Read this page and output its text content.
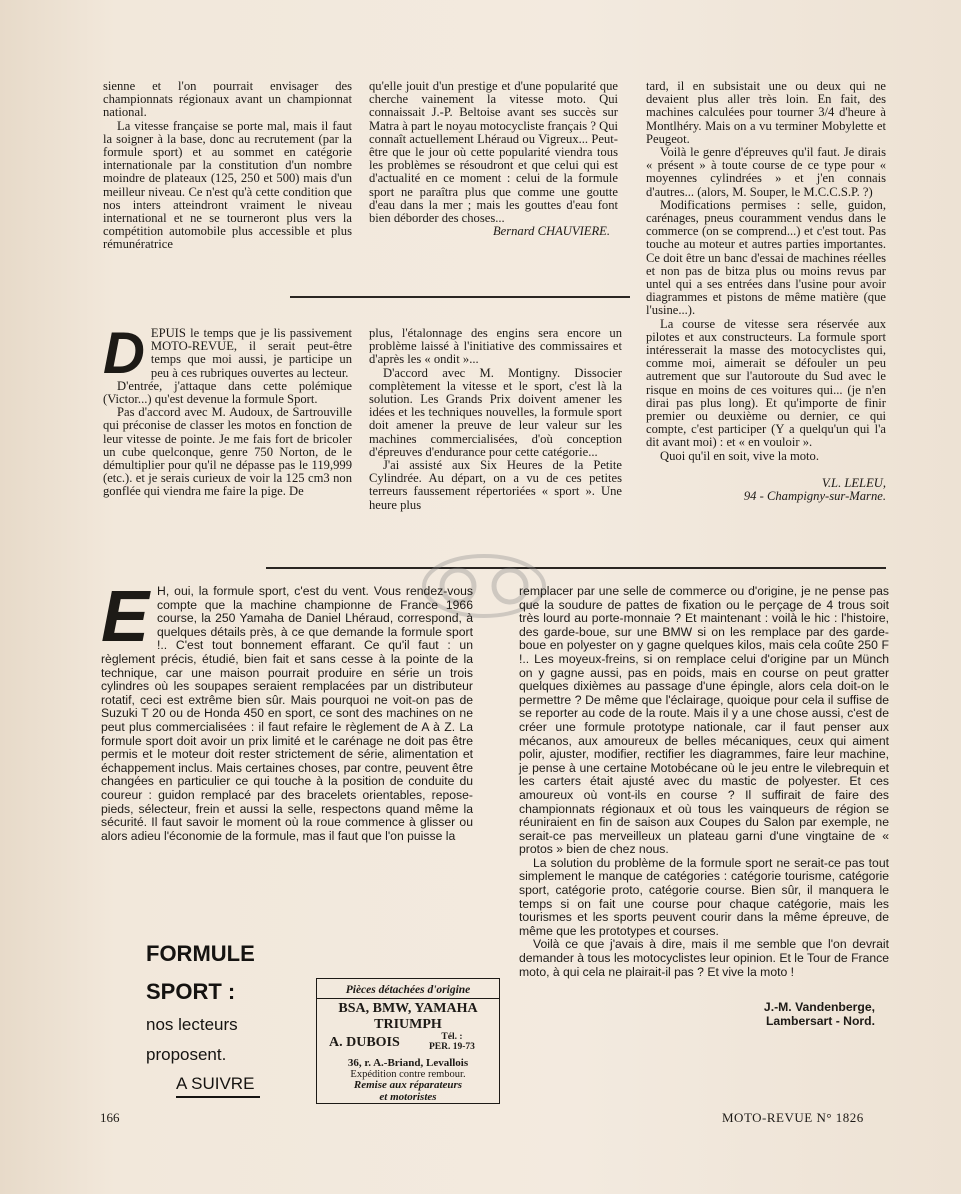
sienne et l'on pourrait envisager des championnats régionaux avant un championnat national.

La vitesse française se porte mal, mais il faut la soigner à la base, donc au recrutement (par la formule sport) et au sommet en catégorie internationale par la constitution d'un nombre moindre de plateaux (125, 250 et 500) mais d'un meilleur niveau. Ce n'est qu'à cette condition que nos inters atteindront vraiment le niveau international et ne se tourneront plus vers la compétition automobile plus accessible et plus rémunératrice

qu'elle jouit d'un prestige et d'une popularité que cherche vainement la vitesse moto. Qui connaissait J.-P. Beltoise avant ses succès sur Matra à part le noyau motocycliste français ? Qui connaît actuellement Lhéraud ou Vigreux... Peut-être que le jour où cette popularité viendra tous les problèmes se résoudront et que celui qui est d'actualité en ce moment : celui de la formule sport ne paraîtra plus que comme une goutte d'eau dans la mer ; mais les gouttes d'eau font bien déborder des choses...

Bernard CHAUVIERE.

tard, il en subsistait une ou deux qui ne devaient plus aller très loin. En fait, des machines calculées pour tourner 3/4 d'heure à Montlhéry. Mais on a vu terminer Mobylette et Peugeot.

Voilà le genre d'épreuves qu'il faut. Je dirais « présent » à toute course de ce type pour « moyennes cylindrées » et j'en connais d'autres... (alors, M. Souper, le M.C.C.S.P. ?)

Modifications permises : selle, guidon, carénages, pneus couramment vendus dans le commerce (on se comprend...) et c'est tout. Pas touche au moteur et autres parties importantes. Ce doit être un banc d'essai de machines réelles et non pas de bitza plus ou moins revus par untel qui a ses entrées dans l'usine pour avoir diagrammes et pistons de même matière (que l'usine...).

La course de vitesse sera réservée aux pilotes et aux constructeurs. La formule sport intéresserait la masse des motocyclistes qui, comme moi, aimerait se défouler un peu autrement que sur l'autoroute du Sud avec le risque en moins de ces voitures qui... (je n'en dirai pas plus long). Et qu'importe de finir premier ou deuxième ou dernier, ce qui compte, c'est participer (Y a quelqu'un qui l'a dit avant moi) : et « en vouloir ».

Quoi qu'il en soit, vive la moto.

V.L. LELEU,

94 - Champigny-sur-Marne.

DEPUIS le temps que je lis passivement MOTO-REVUE, il serait peut-être temps que moi aussi, je participe un peu à ces rubriques ouvertes au lecteur.

D'entrée, j'attaque dans cette polémique (Victor...) qu'est devenue la formule Sport.

Pas d'accord avec M. Audoux, de Sartrouville qui préconise de classer les motos en fonction de leur vitesse de pointe. Je me fais fort de bricoler un cube quelconque, genre 750 Norton, de le démultiplier pour qu'il ne dépasse pas le 119,999 (etc.). et je serais curieux de voir la 125 cm3 non gonflée qui viendra me faire la pige. De

plus, l'étalonnage des engins sera encore un problème laissé à l'initiative des commissaires et d'après les « ondit »...

D'accord avec M. Montigny. Dissocier complètement la vitesse et le sport, c'est là la solution. Les Grands Prix doivent amener les idées et les techniques nouvelles, la formule sport doit amener la preuve de leur valeur sur les machines commercialisées, d'où conception d'épreuves d'endurance pour cette catégorie...

J'ai assisté aux Six Heures de la Petite Cylindrée. Au départ, on a vu de ces petites terreurs faussement répertoriées « sport ». Une heure plus

E H, oui, la formule sport, c'est du vent. Vous rendez-vous compte que la machine championne de France 1966 course, la 250 Yamaha de Daniel Lhéraud, correspond, à quelques détails près, à ce que demande la formule sport !.. C'est tout bonnement effarant. Ce qu'il faut : un règlement précis, étudié, bien fait et sans cesse à la pointe de la technique, car une maison pourrait produire en série un trois cylindres où les soupapes seraient remplacées par un distributeur rotatif, ceci est extrême bien sûr. Mais pourquoi ne voit-on pas de Suzuki T 20 ou de Honda 450 en sport, ce sont des machines on ne peut plus commercialisées : il faut refaire le règlement de A à Z. La formule sport doit avoir un prix limité et le carénage ne doit pas être permis et le moteur doit rester strictement de série, alimentation et échappement inclus. Mais certaines choses, par contre, peuvent être changées en particulier ce qui touche à la position de conduite du coureur : guidon remplacé par des bracelets orientables, repose-pieds, sélecteur, frein et aussi la selle, respectons quand même la sécurité. Il faut savoir le moment où la roue commence à glisser ou alors adieu l'économie de la formule, mas il faut que l'on puisse la

remplacer par une selle de commerce ou d'origine, je ne pense pas que la soudure de pattes de fixation ou le perçage de 4 trous soit très lourd au porte-monnaie ? Et maintenant : voilà le hic : l'histoire, des garde-boue, sur une BMW si on les remplace par des garde-boue en polyester on y gagne quelques kilos, mais cela coûte 250 F !.. Les moyeux-freins, si on remplace celui d'origine par un Münch on y gagne aussi, pas en poids, mais en course on peut gratter quelques dixièmes au passage d'une épingle, alors cela doit-on le permettre ? De même que l'éclairage, quoique pour cela il suffise de se reporter au code de la route. Mais il y a une chose aussi, c'est de créer une formule prototype nationale, car il faut penser aux mécanos, aux amoureux de belles mécaniques, ceux qui aiment polir, ajuster, modifier, rectifier les diagrammes, faire leur machine, je pense à une certaine Motobécane où le jeu entre le vilebrequin et les carters était ajusté avec du mastic de polyester. Et ces amoureux où vont-ils en course ? Il suffirait de faire des championnats régionaux et où tous les vainqueurs de région se réuniraient en fin de saison aux Coupes du Salon par exemple, ne serait-ce pas merveilleux un plateau garni d'une vingtaine de « protos » bien de chez nous.

La solution du problème de la formule sport ne serait-ce pas tout simplement le manque de catégories : catégorie tourisme, catégorie sport, catégorie proto, catégorie course. Bien sûr, il manquera le temps si on fait une course pour chaque catégorie, mais les tourismes et les sports peuvent courir dans la même épreuve, de même que les prototypes et courses.

Voilà ce que j'avais à dire, mais il me semble que l'on devrait demander à tous les motocyclistes leur opinion. Et le Tour de France moto, à qui cela ne plairait-il pas ? Et vive la moto !

J.-M. Vandenberge,

Lambersart - Nord.

FORMULE
SPORT :
nos lecteurs
proposent.
A SUIVRE
Pièces détachées d'origine
BSA, BMW, YAMAHA
TRIUMPH
A. DUBOIS	Tél. :
PER. 19-73
36, r. A.-Briand, Levallois
Expédition contre rembour.
Remise aux réparateurs
et motoristes
166	MOTO-REVUE N° 1826
